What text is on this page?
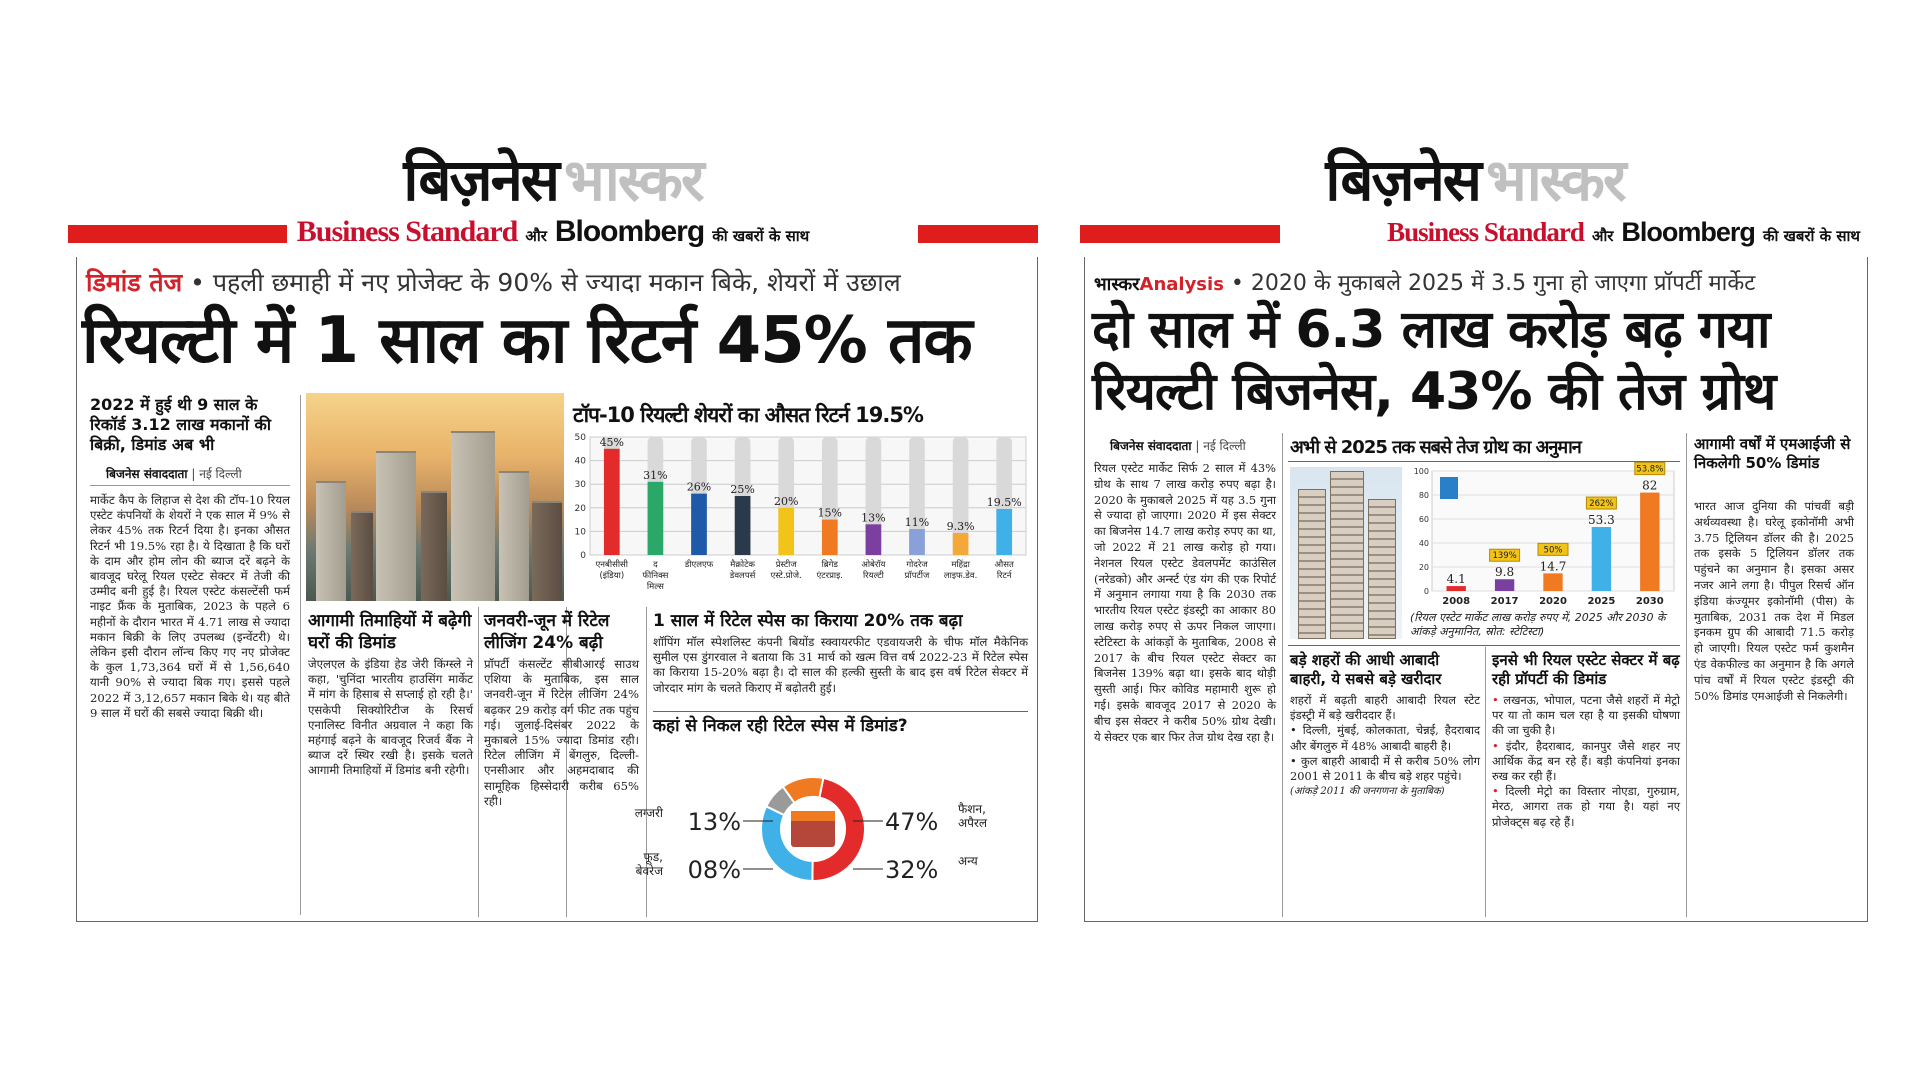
बिज़नेस भास्कर
Business Standard और Bloomberg की खबरों के साथ
डिमांड तेज • पहली छमाही में नए प्रोजेक्ट के 90% से ज्यादा मकान बिके, शेयरों में उछाल
रियल्टी में 1 साल का रिटर्न 45% तक
2022 में हुई थी 9 साल के रिकॉर्ड 3.12 लाख मकानों की बिक्री, डिमांड अब भी
बिजनेस संवाददाता | नई दिल्ली
मार्केट कैप के लिहाज से देश की टॉप-10 रियल एस्टेट कंपनियों के शेयरों ने एक साल में 9% से लेकर 45% तक रिटर्न दिया है। इनका औसत रिटर्न भी 19.5% रहा है। ये दिखाता है कि घरों के दाम और होम लोन की ब्याज दरें बढ़ने के बावजूद घरेलू रियल एस्टेट सेक्टर में तेजी की उम्मीद बनी हुई है। रियल एस्टेट कंसल्टेंसी फर्म नाइट फ्रैंक के मुताबिक, 2023 के पहले 6 महीनों के दौरान भारत में 4.71 लाख से ज्यादा मकान बिक्री के लिए उपलब्ध (इन्वेंटरी) थे। लेकिन इसी दौरान लॉन्च किए गए नए प्रोजेक्ट के कुल 1,73,364 घरों में से 1,56,640 यानी 90% से ज्यादा बिक गए। इससे पहले 2022 में 3,12,657 मकान बिके थे। यह बीते 9 साल में घरों की सबसे ज्यादा बिक्री थी।
टॉप-10 रियल्टी शेयरों का औसत रिटर्न 19.5%
0
10
20
30
40
50 45%
एनबीसीसी
(इंडिया)
31%
द
फीनिक्स
मिल्स
26%
डीएलएफ
25%
मैक्रोटेक
डेवलपर्स
20%
प्रेस्टीज
एस्टे.प्रोजे.
15%
ब्रिगेड
एंटरप्राइ.
13%
ओबेरॉय
रियल्टी
11%
गोदरेज
प्रॉपर्टीज
9.3%
महिंद्रा
लाइफ.डेव.
19.5%
औसत
रिटर्न
आगामी तिमाहियों में बढ़ेगी घरों की डिमांड
जेएलएल के इंडिया हेड जेरी किंग्स्ले ने कहा, 'चुनिंदा भारतीय हाउसिंग मार्केट में मांग के हिसाब से सप्लाई हो रही है।' एसकेपी सिक्योरिटीज के रिसर्च एनालिस्ट विनीत अग्रवाल ने कहा कि महंगाई बढ़ने के बावजूद रिजर्व बैंक ने ब्याज दरें स्थिर रखी है। इसके चलते आगामी तिमाहियों में डिमांड बनी रहेगी।
जनवरी-जून में रिटेल लीजिंग 24% बढ़ी
प्रॉपर्टी कंसल्टेंट सीबीआरई साउथ एशिया के मुताबिक, इस साल जनवरी-जून में रिटेल लीजिंग 24% बढ़कर 29 करोड़ वर्ग फीट तक पहुंच गई। जुलाई-दिसंबर 2022 के मुकाबले 15% ज्यादा डिमांड रही। रिटेल लीजिंग में बेंगलुरु, दिल्ली-एनसीआर और अहमदाबाद की सामूहिक हिस्सेदारी करीब 65% रही।
1 साल में रिटेल स्पेस का किराया 20% तक बढ़ा
शॉपिंग मॉल स्पेशलिस्ट कंपनी बियोंड स्क्वायरफीट एडवायजरी के चीफ मॉल मैकेनिक सुमील एस डुंगरवाल ने बताया कि 31 मार्च को खत्म वित्त वर्ष 2022-23 में रिटेल स्पेस का किराया 15-20% बढ़ा है। दो साल की हल्की सुस्ती के बाद इस वर्ष रिटेल सेक्टर में जोरदार मांग के चलते किराए में बढ़ोतरी हुई।
कहां से निकल रही रिटेल स्पेस में डिमांड?
47% फैशन,
अपैरल
32% अन्य
08%
फूड,
बेवरेज
13%
लग्जरी
बिज़नेस भास्कर
Business Standard और Bloomberg की खबरों के साथ
भास्करAnalysis • 2020 के मुकाबले 2025 में 3.5 गुना हो जाएगा प्रॉपर्टी मार्केट
दो साल में 6.3 लाख करोड़ बढ़ गया
रियल्टी बिजनेस, 43% की तेज ग्रोथ
बिजनेस संवाददाता | नई दिल्ली
रियल एस्टेट मार्केट सिर्फ 2 साल में 43% ग्रोथ के साथ 7 लाख करोड़ रुपए बढ़ा है। 2020 के मुकाबले 2025 में यह 3.5 गुना से ज्यादा हो जाएगा। 2020 में इस सेक्टर का बिजनेस 14.7 लाख करोड़ रुपए का था, जो 2022 में 21 लाख करोड़ हो गया। नेशनल रियल एस्टेट डेवलपमेंट काउंसिल (नरेडको) और अर्न्स्ट एंड यंग की एक रिपोर्ट में अनुमान लगाया गया है कि 2030 तक भारतीय रियल एस्टेट इंडस्ट्री का आकार 80 लाख करोड़ रुपए से ऊपर निकल जाएगा। स्टेटिस्टा के आंकड़ों के मुताबिक, 2008 से 2017 के बीच रियल एस्टेट सेक्टर का बिजनेस 139% बढ़ा था। इसके बाद थोड़ी सुस्ती आई। फिर कोविड महामारी शुरू हो गई। इसके बावजूद 2017 से 2020 के बीच इस सेक्टर ने करीब 50% ग्रोथ देखी। ये सेक्टर एक बार फिर तेज ग्रोथ देख रहा है।
अभी से 2025 तक सबसे तेज ग्रोथ का अनुमान
0
20
40
60
80
100
4.1
2008
9.8
139%
2017
14.7
50%
2020
53.3
262%
2025
82
53.8%
2030
(रियल एस्टेट मार्केट लाख करोड़ रुपए में, 2025 और 2030 के आंकड़े अनुमानित, स्रोत: स्टेटिस्टा)
बड़े शहरों की आधी आबादी बाहरी, ये सबसे बड़े खरीदार
शहरों में बढ़ती बाहरी आबादी रियल स्टेट इंडस्ट्री में बड़े खरीददार हैं।
• दिल्ली, मुंबई, कोलकाता, चेन्नई, हैदराबाद और बेंगलुरु में 48% आबादी बाहरी है।
• कुल बाहरी आबादी में से करीब 50% लोग 2001 से 2011 के बीच बड़े शहर पहुंचे।
(आंकड़े 2011 की जनगणना के मुताबिक)
इनसे भी रियल एस्टेट सेक्टर में बढ़ रही प्रॉपर्टी की डिमांड
• लखनऊ, भोपाल, पटना जैसे शहरों में मेट्रो पर या तो काम चल रहा है या इसकी घोषणा की जा चुकी है।
• इंदौर, हैदराबाद, कानपुर जैसे शहर नए आर्थिक केंद्र बन रहे हैं। बड़ी कंपनियां इनका रुख कर रही हैं।
• दिल्ली मेट्रो का विस्तार नोएडा, गुरुग्राम, मेरठ, आगरा तक हो गया है। यहां नए प्रोजेक्ट्स बढ़ रहे हैं।
आगामी वर्षों में एमआईजी से निकलेगी 50% डिमांड
भारत आज दुनिया की पांचवीं बड़ी अर्थव्यवस्था है। घरेलू इकोनॉमी अभी 3.75 ट्रिलियन डॉलर की है। 2025 तक इसके 5 ट्रिलियन डॉलर तक पहुंचने का अनुमान है। इसका असर नजर आने लगा है। पीपुल रिसर्च ऑन इंडिया कंज्यूमर इकोनॉमी (पीस) के मुताबिक, 2031 तक देश में मिडल इनकम ग्रुप की आबादी 71.5 करोड़ हो जाएगी। रियल एस्टेट फर्म कुशमैन एंड वेकफील्ड का अनुमान है कि अगले पांच वर्षों में रियल एस्टेट इंडस्ट्री की 50% डिमांड एमआईजी से निकलेगी।
